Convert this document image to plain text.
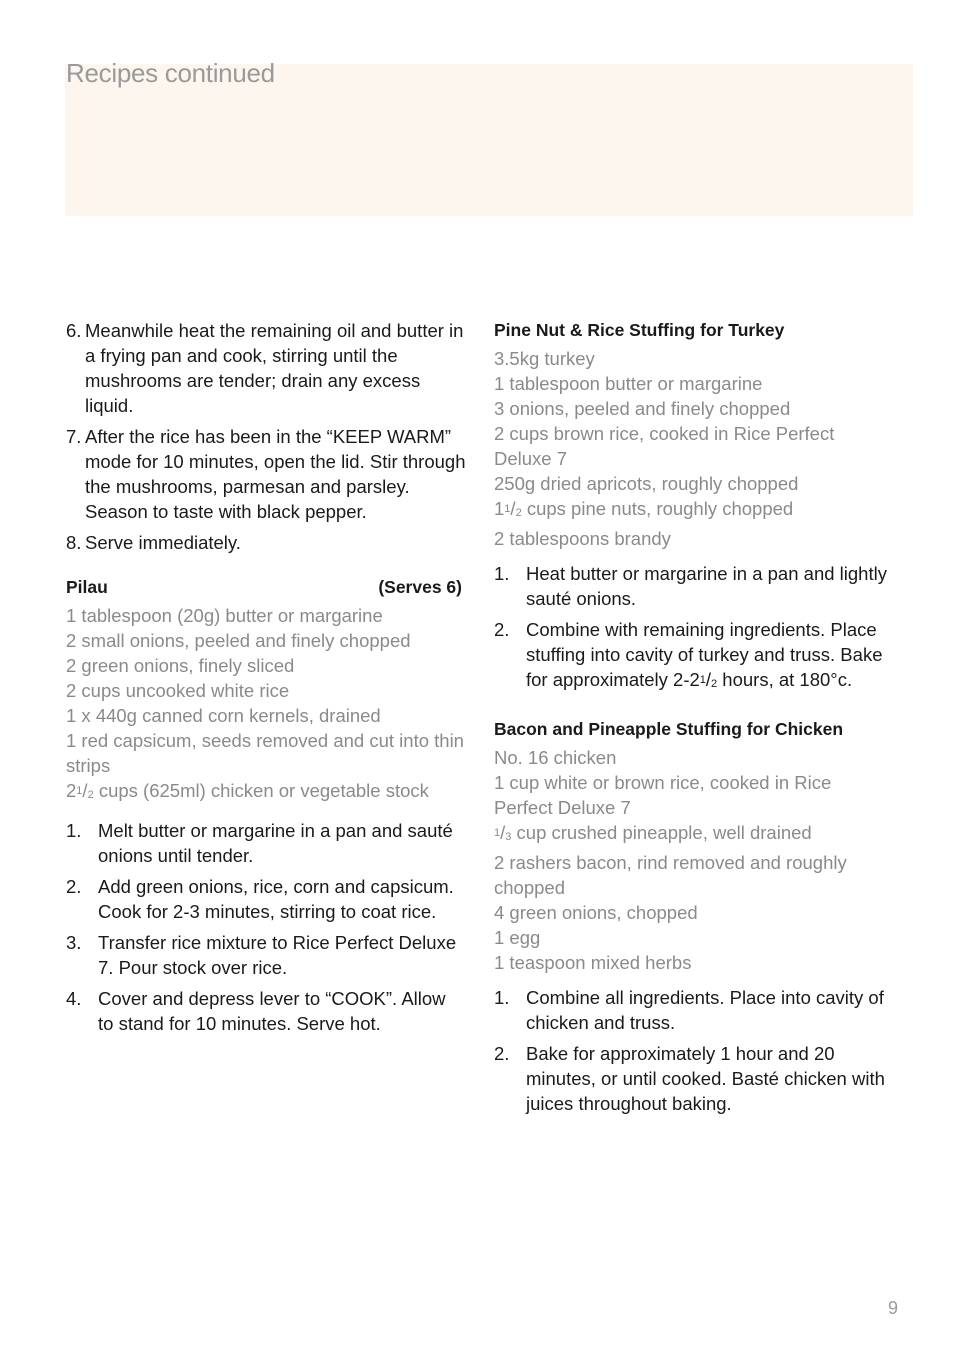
Recipes continued
6. Meanwhile heat the remaining oil and butter in a frying pan and cook, stirring until the mushrooms are tender; drain any excess liquid.
7. After the rice has been in the “KEEP WARM” mode for 10 minutes, open the lid. Stir through the mushrooms, parmesan and parsley. Season to taste with black pepper.
8. Serve immediately.
Pilau	(Serves 6)
1 tablespoon (20g) butter or margarine
2 small onions, peeled and finely chopped
2 green onions, finely sliced
2 cups uncooked white rice
1 x 440g canned corn kernels, drained
1 red capsicum, seeds removed and cut into thin strips
21/2 cups (625ml) chicken or vegetable stock
1. Melt butter or margarine in a pan and sauté onions until tender.
2. Add green onions, rice, corn and capsicum. Cook for 2-3 minutes, stirring to coat rice.
3. Transfer rice mixture to Rice Perfect Deluxe 7. Pour stock over rice.
4. Cover and depress lever to “COOK”. Allow to stand for 10 minutes. Serve hot.
Pine Nut & Rice Stuffing for Turkey
3.5kg turkey
1 tablespoon butter or margarine
3 onions, peeled and finely chopped
2 cups brown rice, cooked in Rice Perfect Deluxe 7
250g dried apricots, roughly chopped
11/2 cups pine nuts, roughly chopped
2 tablespoons brandy
1. Heat butter or margarine in a pan and lightly sauté onions.
2. Combine with remaining ingredients. Place stuffing into cavity of turkey and truss. Bake for approximately 2-21/2 hours, at 180°c.
Bacon and Pineapple Stuffing for Chicken
No. 16 chicken
1 cup white or brown rice, cooked in Rice Perfect Deluxe 7
1/3 cup crushed pineapple, well drained
2 rashers bacon, rind removed and roughly chopped
4 green onions, chopped
1 egg
1 teaspoon mixed herbs
1. Combine all ingredients. Place into cavity of chicken and truss.
2. Bake for approximately 1 hour and 20 minutes, or until cooked. Basté chicken with juices throughout baking.
9
